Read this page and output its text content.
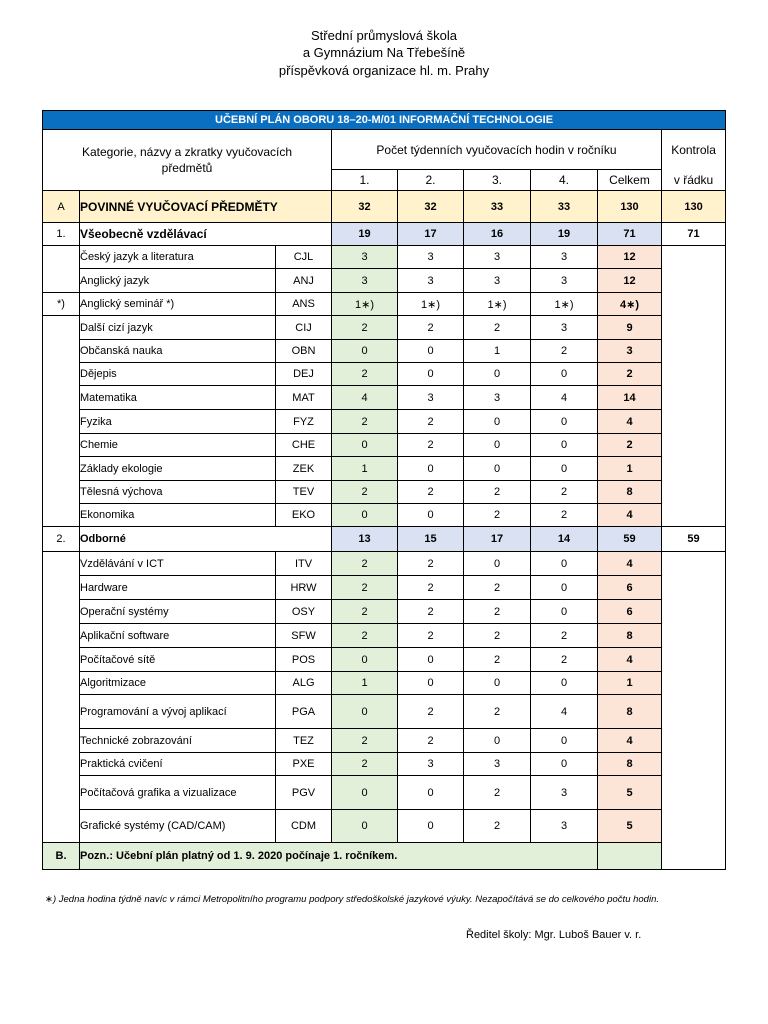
Střední průmyslová škola
a Gymnázium Na Třebešíně
příspěvková organizace hl. m. Prahy
UČEBNÍ PLÁN OBORU 18–20-M/01 INFORMAČNÍ TECHNOLOGIE								
Kategorie, názvy a zkratky vyučovacích předmětů			Počet týdenních vyučovacích hodin v ročníku					Kontrola
			1.	2.	3.	4.	Celkem	v řádku
A	POVINNÉ VYUČOVACÍ PŘEDMĚTY		32	32	33	33	130	130
1.	Všeobecně vzdělávací		19	17	16	19	71	71
	Český jazyk a literatura	CJL	3	3	3	3	12	
	Anglický jazyk	ANJ	3	3	3	3	12	
*)	Anglický seminář *)	ANS	1∗)	1∗)	1∗)	1∗)	4∗)	
	Další cizí jazyk	CIJ	2	2	2	3	9	
	Občanská nauka	OBN	0	0	1	2	3	
	Dějepis	DEJ	2	0	0	0	2	
	Matematika	MAT	4	3	3	4	14	
	Fyzika	FYZ	2	2	0	0	4	
	Chemie	CHE	0	2	0	0	2	
	Základy ekologie	ZEK	1	0	0	0	1	
	Tělesná výchova	TEV	2	2	2	2	8	
	Ekonomika	EKO	0	0	2	2	4	
2.	Odborné		13	15	17	14	59	59
	Vzdělávání v ICT	ITV	2	2	0	0	4	
	Hardware	HRW	2	2	2	0	6	
	Operační systémy	OSY	2	2	2	0	6	
	Aplikační software	SFW	2	2	2	2	8	
	Počítačové sítě	POS	0	0	2	2	4	
	Algoritmizace	ALG	1	0	0	0	1	
	Programování a vývoj aplikací	PGA	0	2	2	4	8	
	Technické zobrazování	TEZ	2	2	0	0	4	
	Praktická cvičení	PXE	2	3	3	0	8	
	Počítačová grafika a vizualizace	PGV	0	0	2	3	5	
	Grafické systémy (CAD/CAM)	CDM	0	0	2	3	5	
B.	Pozn.: Učební plán platný od 1. 9. 2020 počínaje 1. ročníkem.							
∗) Jedna hodina týdně navíc v rámci Metropolitního programu podpory středoškolské jazykové výuky. Nezapočítává se do celkového počtu hodin.
Ředitel školy: Mgr. Luboš Bauer v. r.
